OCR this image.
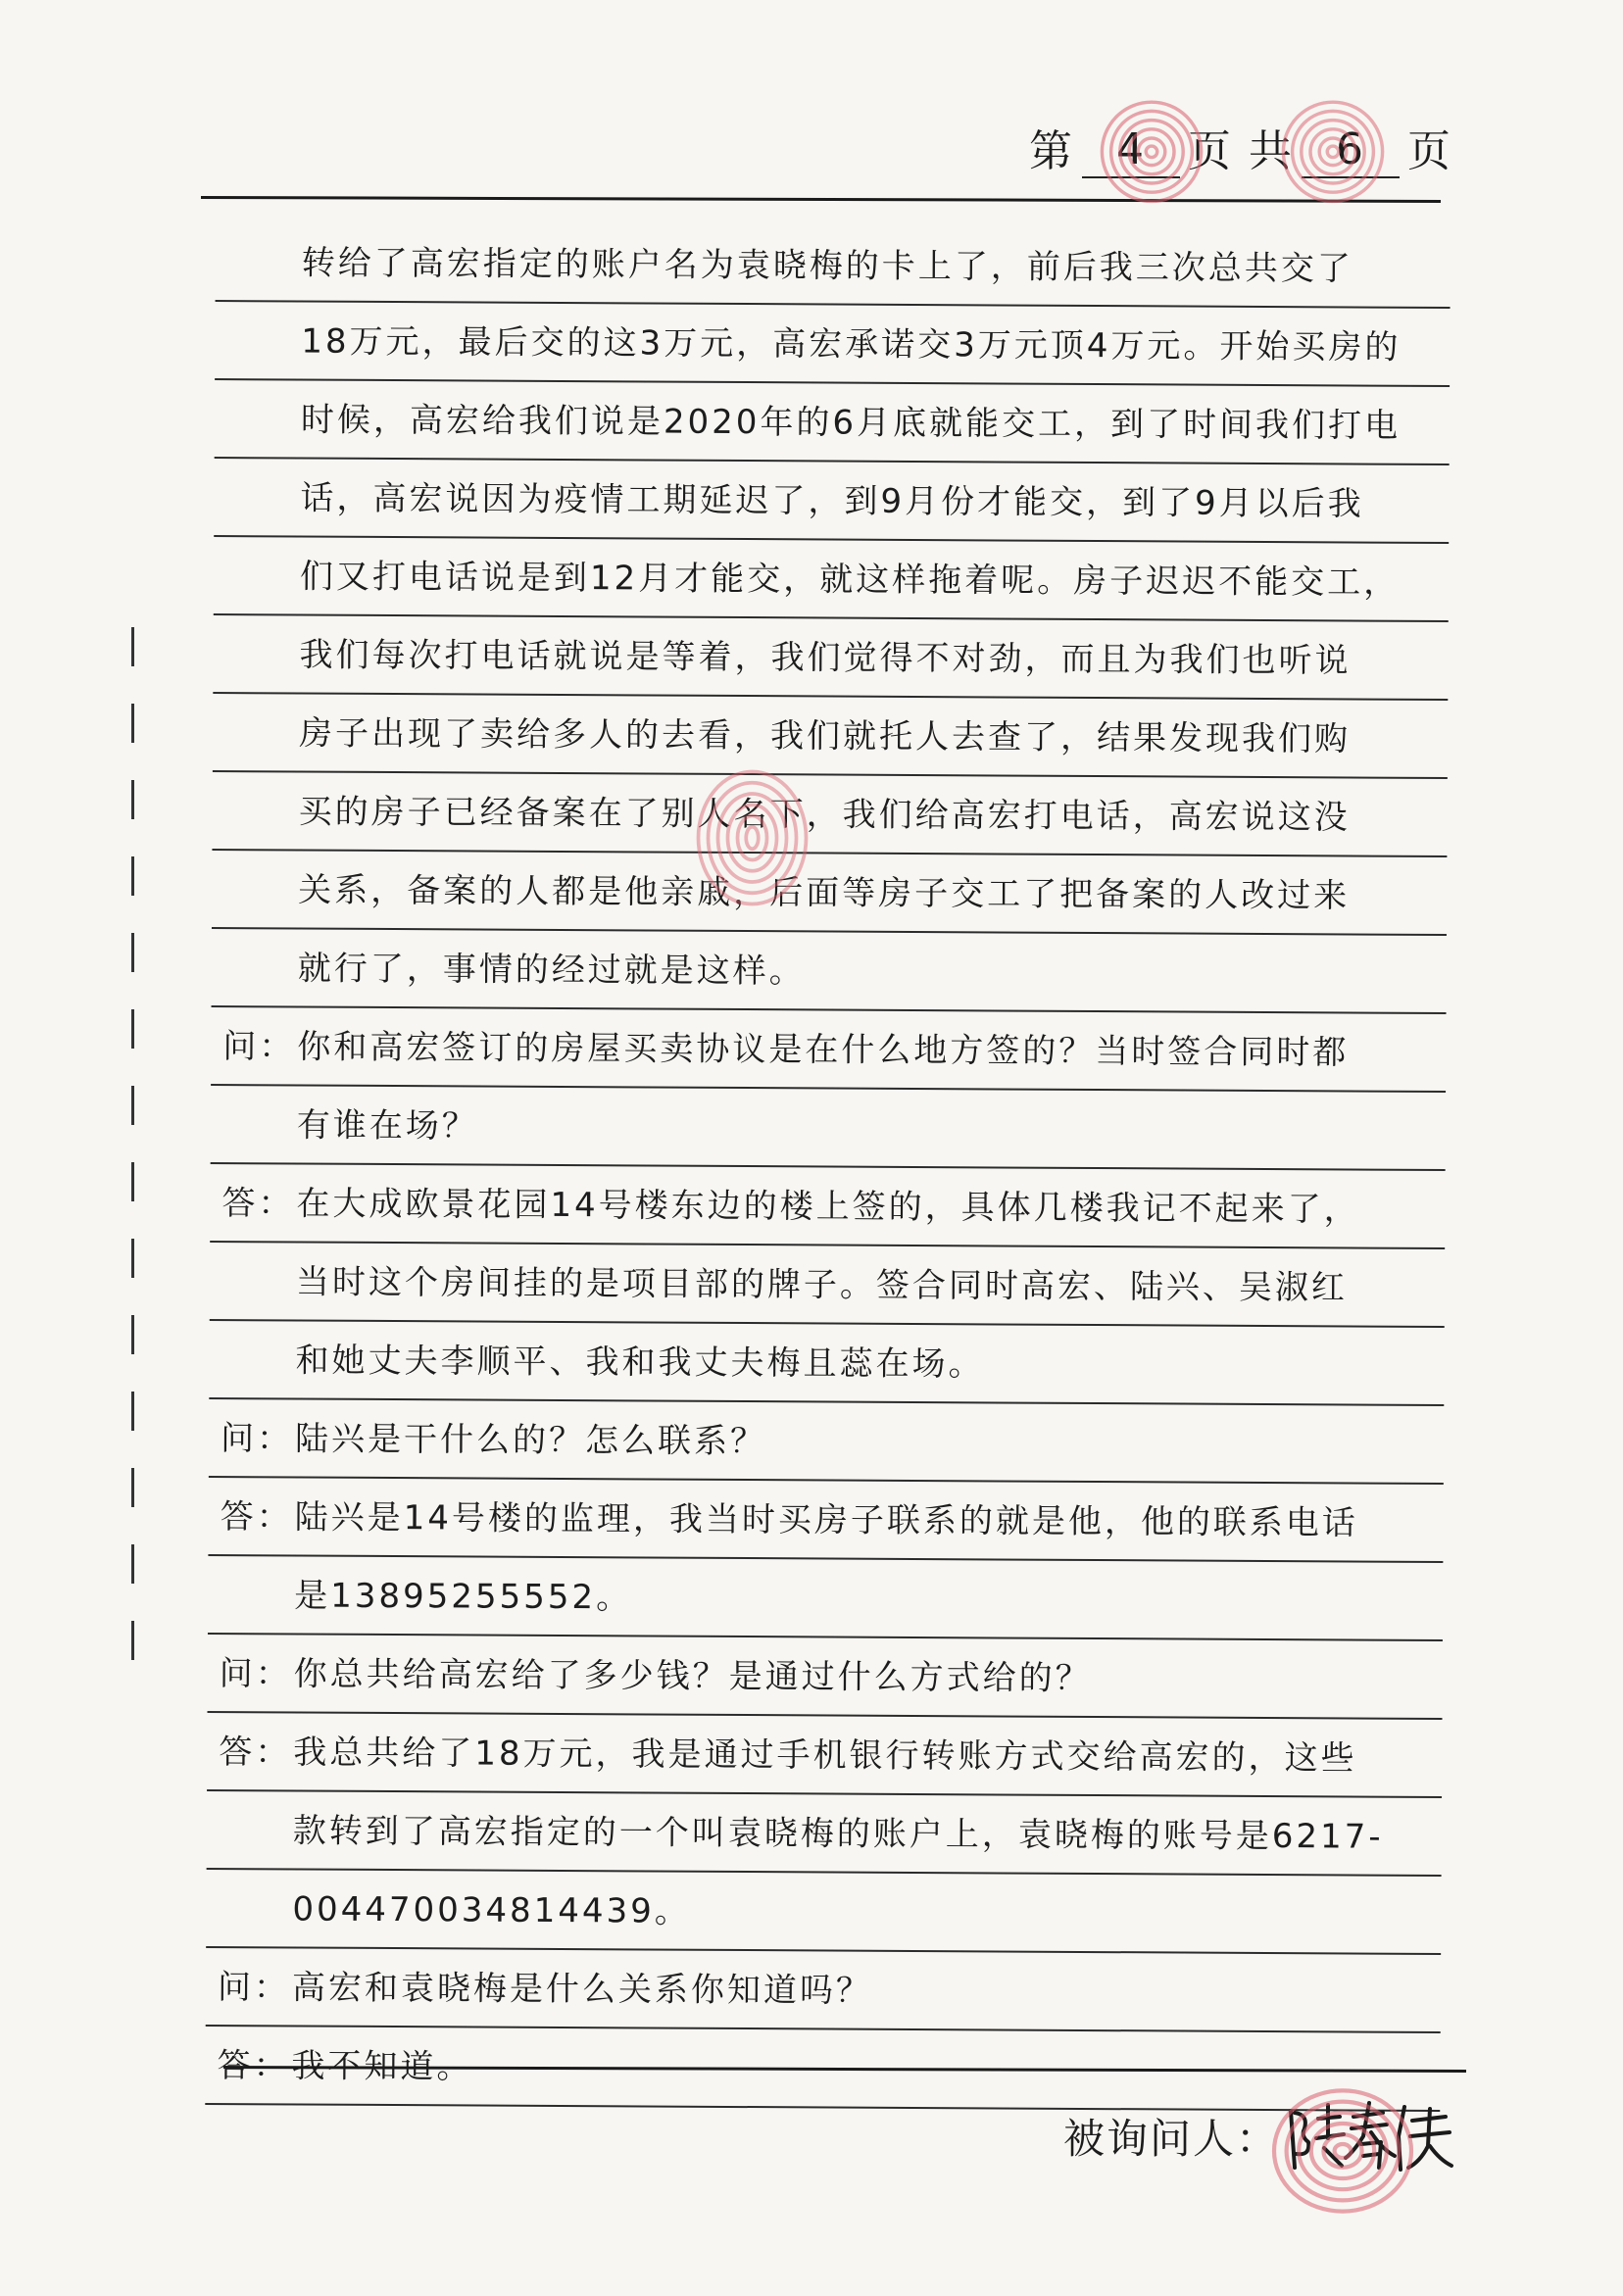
第 4 页 共 6 页
转给了高宏指定的账户名为袁晓梅的卡上了，前后我三次总共交了
18万元，最后交的这3万元，高宏承诺交3万元顶4万元。开始买房的
时候，高宏给我们说是2020年的6月底就能交工，到了时间我们打电
话，高宏说因为疫情工期延迟了，到9月份才能交，到了9月以后我
们又打电话说是到12月才能交，就这样拖着呢。房子迟迟不能交工，
我们每次打电话就说是等着，我们觉得不对劲，而且为我们也听说
房子出现了卖给多人的去看，我们就托人去查了，结果发现我们购
买的房子已经备案在了别人名下，我们给高宏打电话，高宏说这没
关系，备案的人都是他亲戚，后面等房子交工了把备案的人改过来
就行了，事情的经过就是这样。
问： 你和高宏签订的房屋买卖协议是在什么地方签的？当时签合同时都
有谁在场？
答： 在大成欧景花园14号楼东边的楼上签的，具体几楼我记不起来了，
当时这个房间挂的是项目部的牌子。签合同时高宏、陆兴、吴淑红
和她丈夫李顺平、我和我丈夫梅且蕊在场。
问： 陆兴是干什么的？怎么联系？
答： 陆兴是14号楼的监理，我当时买房子联系的就是他，他的联系电话
是13895255552。
问： 你总共给高宏给了多少钱？是通过什么方式给的？
答： 我总共给了18万元，我是通过手机银行转账方式交给高宏的，这些
款转到了高宏指定的一个叫袁晓梅的账户上，袁晓梅的账号是6217-
004470034814439。
问： 高宏和袁晓梅是什么关系你知道吗？
答： 我不知道。
被询问人：
